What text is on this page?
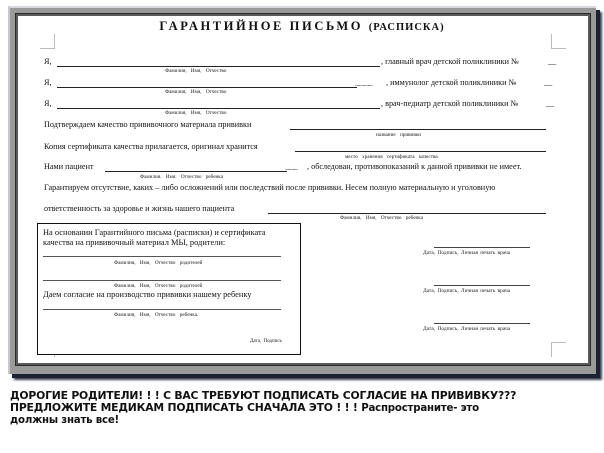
ГАРАНТИЙНОЕ ПИСЬМО (РАСПИСКА)
Я,	, главный врач детской поликлиники №	__
Фамилия, Имя, Отчество
Я,	.............. , иммунолог детской поликлиники №	__
Фамилия, Имя, Отчество
Я,	, врач-педиатр детской поликлиники №	__
Фамилия, Имя, Отчество
Подтверждаем качество прививочного материала прививки
название прививки
Копия сертификата качества прилагается, оригинал хранится
место хранения сертификата качества
Нами пациент	.......... , обследован, противопоказаний к данной прививки не имеет.
Фамилия. Имя. Отчество ребенка
Гарантируем отсутствие, каких – либо осложнений или последствий после прививки. Несем полную материальную и уголовную
ответственность за здоровье и жизнь нашего пациента
Фамилия, Имя, Отчество ребенка
Дата, Подпись, Личная печать врача
Дата, Подпись, Личная печать врача
Дата, Подпись, Личная печать врача
На основании Гарантийного письма (расписки) и сертификата
качества на прививочный материал МЫ, родители:
Фамилия, Имя, Отчество родителей
Фамилия, Имя, Отчество родителей
Даем согласие на производство прививки нашему ребенку
Фамилия, Имя, Отчество ребенка.
Дата, Подпись
ДОРОГИЕ РОДИТЕЛИ! ! ! С ВАС ТРЕБУЮТ ПОДПИСАТЬ СОГЛАСИЕ НА ПРИВИВКУ???
ПРЕДЛОЖИТЕ МЕДИКАМ ПОДПИСАТЬ СНАЧАЛА ЭТО ! ! ! Распространите- это
должны знать все!
